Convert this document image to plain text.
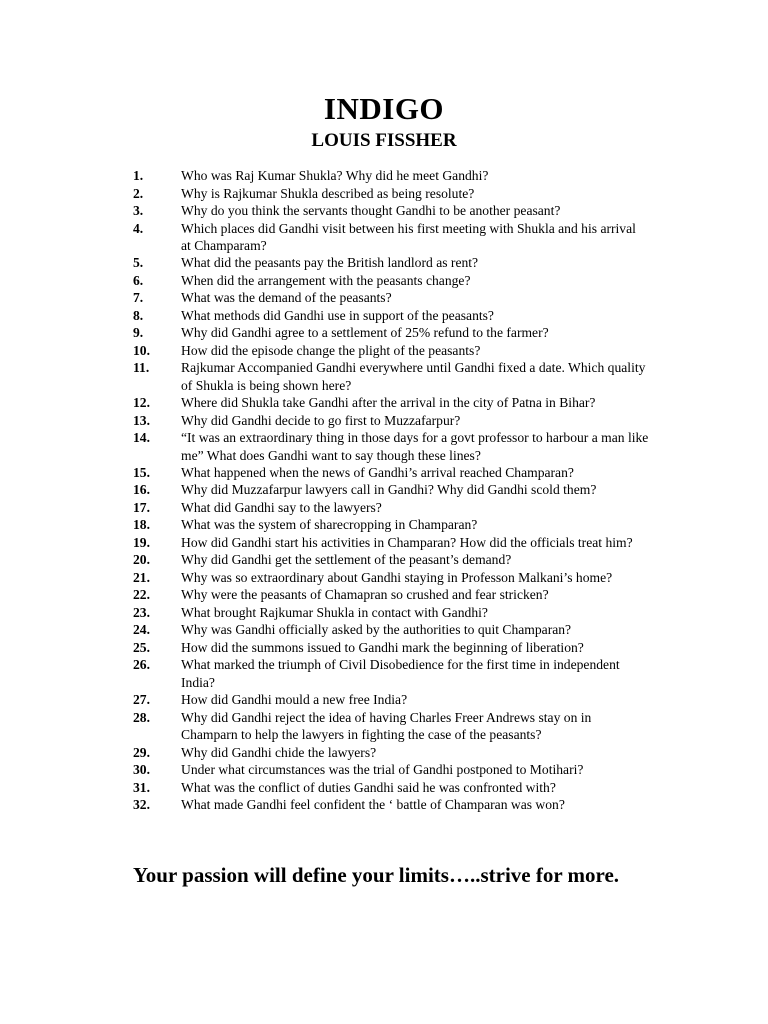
INDIGO
LOUIS FISSHER
1.	Who was Raj Kumar Shukla? Why did he meet Gandhi?
2.	Why is Rajkumar Shukla described as being resolute?
3.	Why do you think the servants thought Gandhi to be another peasant?
4.	Which places did Gandhi visit between his first meeting with Shukla and his arrival at Champaram?
5.	What did the peasants pay the British landlord as rent?
6.	When did the arrangement with the peasants change?
7.	What was the demand of the peasants?
8.	What methods did Gandhi use in support of the peasants?
9.	Why did Gandhi agree to a settlement of 25% refund to the farmer?
10. How did the episode change the plight of the peasants?
11. Rajkumar Accompanied Gandhi everywhere until Gandhi fixed a date. Which quality of Shukla is being shown here?
12. Where did Shukla take Gandhi after the arrival in the city of Patna in Bihar?
13. Why did Gandhi decide to go first to Muzzafarpur?
14. “It was an extraordinary thing in those days for a govt professor to harbour a man like me” What does Gandhi want to say though these lines?
15. What happened when the news of Gandhi’s arrival reached Champaran?
16. Why did Muzzafarpur lawyers call in Gandhi? Why did Gandhi scold them?
17. What did Gandhi say to the lawyers?
18. What was the system of sharecropping in Champaran?
19. How did Gandhi start his activities in Champaran? How did the officials treat him?
20. Why did Gandhi get the settlement of the peasant’s demand?
21. Why was so extraordinary about Gandhi staying in Professon Malkani’s home?
22. Why were the peasants of Chamapran so crushed and fear stricken?
23. What brought Rajkumar Shukla in contact with Gandhi?
24. Why was Gandhi officially asked by the authorities to quit Champaran?
25. How did the summons issued to Gandhi mark the beginning of liberation?
26. What marked the triumph of Civil Disobedience for the first time in independent India?
27. How did Gandhi mould a new free India?
28. Why did Gandhi reject the idea of having Charles Freer Andrews stay on in Champarn to help the lawyers in fighting the case of the peasants?
29. Why did Gandhi chide the lawyers?
30. Under what circumstances was the trial of Gandhi postponed to Motihari?
31. What was the conflict of duties Gandhi said he was confronted with?
32. What made Gandhi feel confident the ‘ battle of Champaran was won?
Your passion will define your limits…..strive for more.
